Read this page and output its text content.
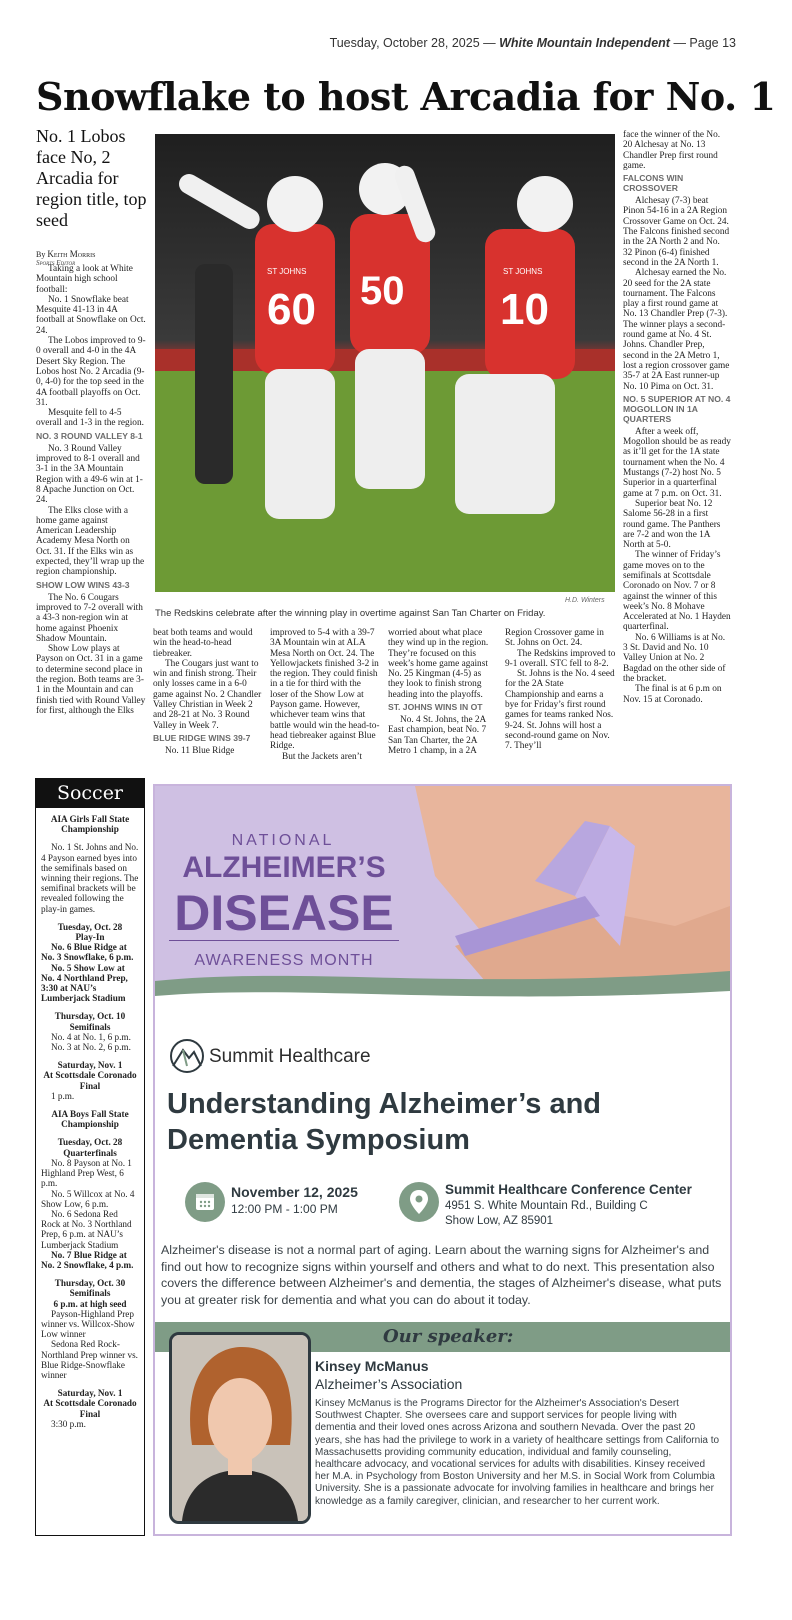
Tuesday, October 28, 2025 — White Mountain Independent — Page 13
Snowflake to host Arcadia for No. 1
No. 1 Lobos face No, 2 Arcadia for region title, top seed
By Keith Morris
Sports Editor

Taking a look at White Mountain high school football:

No. 1 Snowflake beat Mesquite 41-13 in 4A football at Snowflake on Oct. 24.

The Lobos improved to 9-0 overall and 4-0 in the 4A Desert Sky Region. The Lobos host No. 2 Arcadia (9-0, 4-0) for the top seed in the 4A football playoffs on Oct. 31.

Mesquite fell to 4-5 overall and 1-3 in the region.

NO. 3 ROUND VALLEY 8-1

No. 3 Round Valley improved to 8-1 overall and 3-1 in the 3A Mountain Region with a 49-6 win at 1-8 Apache Junction on Oct. 24.

The Elks close with a home game against American Leadership Academy Mesa North on Oct. 31. If the Elks win as expected, they’ll wrap up the region championship.

SHOW LOW WINS 43-3

The No. 6 Cougars improved to 7-2 overall with a 43-3 non-region win at home against Phoenix Shadow Mountain.

Show Low plays at Payson on Oct. 31 in a game to determine second place in the region. Both teams are 3-1 in the Mountain and can finish tied with Round Valley for first, although the Elks

beat both teams and would win the head-to-head tiebreaker.

The Cougars just want to win and finish strong. Their only losses came in a 6-0 game against No. 2 Chandler Valley Christian in Week 2 and 28-21 at No. 3 Round Valley in Week 7.

BLUE RIDGE WINS 39-7

No. 11 Blue Ridge

improved to 5-4 with a 39-7 3A Mountain win at ALA Mesa North on Oct. 24. The Yellowjackets finished 3-2 in the region. They could finish in a tie for third with the loser of the Show Low at Payson game. However, whichever team wins that battle would win the head-to-head tiebreaker against Blue Ridge.

But the Jackets aren’t

worried about what place they wind up in the region. They’re focused on this week’s home game against No. 25 Kingman (4-5) as they look to finish strong heading into the playoffs.

ST. JOHNS WINS IN OT

No. 4 St. Johns, the 2A East champion, beat No. 7 San Tan Charter, the 2A Metro 1 champ, in a 2A

Region Crossover game in St. Johns on Oct. 24.

The Redskins improved to 9-1 overall. STC fell to 8-2.

St. Johns is the No. 4 seed for the 2A State Championship and earns a bye for Friday’s first round games for teams ranked Nos. 9-24. St. Johns will host a second-round game on Nov. 7. They’ll

face the winner of the No. 20 Alchesay at No. 13 Chandler Prep first round game.

FALCONS WIN CROSSOVER

Alchesay (7-3) beat Pinon 54-16 in a 2A Region Crossover Game on Oct. 24. The Falcons finished second in the 2A North 2 and No. 32 Pinon (6-4) finished second in the 2A North 1.

Alchesay earned the No. 20 seed for the 2A state tournament. The Falcons play a first round game at No. 13 Chandler Prep (7-3). The winner plays a second-round game at No. 4 St. Johns. Chandler Prep, second in the 2A Metro 1, lost a region crossover game 35-7 at 2A East runner-up No. 10 Pima on Oct. 31.

NO. 5 SUPERIOR AT NO. 4 MOGOLLON IN 1A QUARTERS

After a week off, Mogollon should be as ready as it’ll get for the 1A state tournament when the No. 4 Mustangs (7-2) host No. 5 Superior in a quarterfinal game at 7 p.m. on Oct. 31.

Superior beat No. 12 Salome 56-28 in a first round game. The Panthers are 7-2 and won the 1A North at 5-0.

The winner of Friday’s game moves on to the semifinals at Scottsdale Coronado on Nov. 7 or 8 against the winner of this week’s No. 8 Mohave Accelerated at No. 1 Hayden quarterfinal.

No. 6 Williams is at No. 3 St. David and No. 10 Valley Union at No. 2 Bagdad on the other side of the bracket.

The final is at 6 p.m on Nov. 15 at Coronado.

60
ST JOHNS 50 10
ST JOHNS
H.D. Winters
The Redskins celebrate after the winning play in overtime against San Tan Charter on Friday.
Soccer
AIA Girls Fall State Championship
No. 1 St. Johns and No. 4 Payson earned byes into the semifinals based on winning their regions. The semifinal brackets will be revealed following the play-in games.
Tuesday, Oct. 28
Play-In
No. 6 Blue Ridge at No. 3 Snowflake, 6 p.m.
No. 5 Show Low at No. 4 Northland Prep, 3:30 at NAU’s Lumberjack Stadium
Thursday, Oct. 10
Semifinals
No. 4 at No. 1, 6 p.m.
No. 3 at No. 2, 6 p.m.
Saturday, Nov. 1
At Scottsdale Coronado
Final
1 p.m.
AIA Boys Fall State Championship
Tuesday, Oct. 28
Quarterfinals
No. 8 Payson at No. 1 Highland Prep West, 6 p.m.
No. 5 Willcox at No. 4 Show Low, 6 p.m.
No. 6 Sedona Red Rock at No. 3 Northland Prep, 6 p.m. at NAU’s Lumberjack Stadium
No. 7 Blue Ridge at No. 2 Snowflake, 4 p.m.
Thursday, Oct. 30
Semifinals
6 p.m. at high seed
Payson-Highland Prep winner vs. Willcox-Show Low winner
Sedona Red Rock-Northland Prep winner vs. Blue Ridge-Snowflake winner
Saturday, Nov. 1
At Scottsdale Coronado
Final
3:30 p.m.
NATIONAL
ALZHEIMER’S
DISEASE
AWARENESS MONTH
Summit Healthcare
Understanding Alzheimer’s and Dementia Symposium
November 12, 2025
12:00 PM - 1:00 PM
Summit Healthcare Conference Center
4951 S. White Mountain Rd., Building C
Show Low, AZ 85901
Alzheimer's disease is not a normal part of aging. Learn about the warning signs for Alzheimer's and find out how to recognize signs within yourself and others and what to do next. This presentation also covers the difference between Alzheimer's and dementia, the stages of Alzheimer's disease, what puts you at greater risk for dementia and what you can do about it today.
Our speaker:
Kinsey McManus
Alzheimer’s Association
Kinsey McManus is the Programs Director for the Alzheimer's Association's Desert Southwest Chapter. She oversees care and support services for people living with dementia and their loved ones across Arizona and southern Nevada. Over the past 20 years, she has had the privilege to work in a variety of healthcare settings from California to Massachusetts providing community education, individual and family counseling, healthcare advocacy, and vocational services for adults with disabilities. Kinsey received her M.A. in Psychology from Boston University and her M.S. in Social Work from Columbia University. She is a passionate advocate for involving families in healthcare and brings her knowledge as a family caregiver, clinician, and researcher to her current work.
